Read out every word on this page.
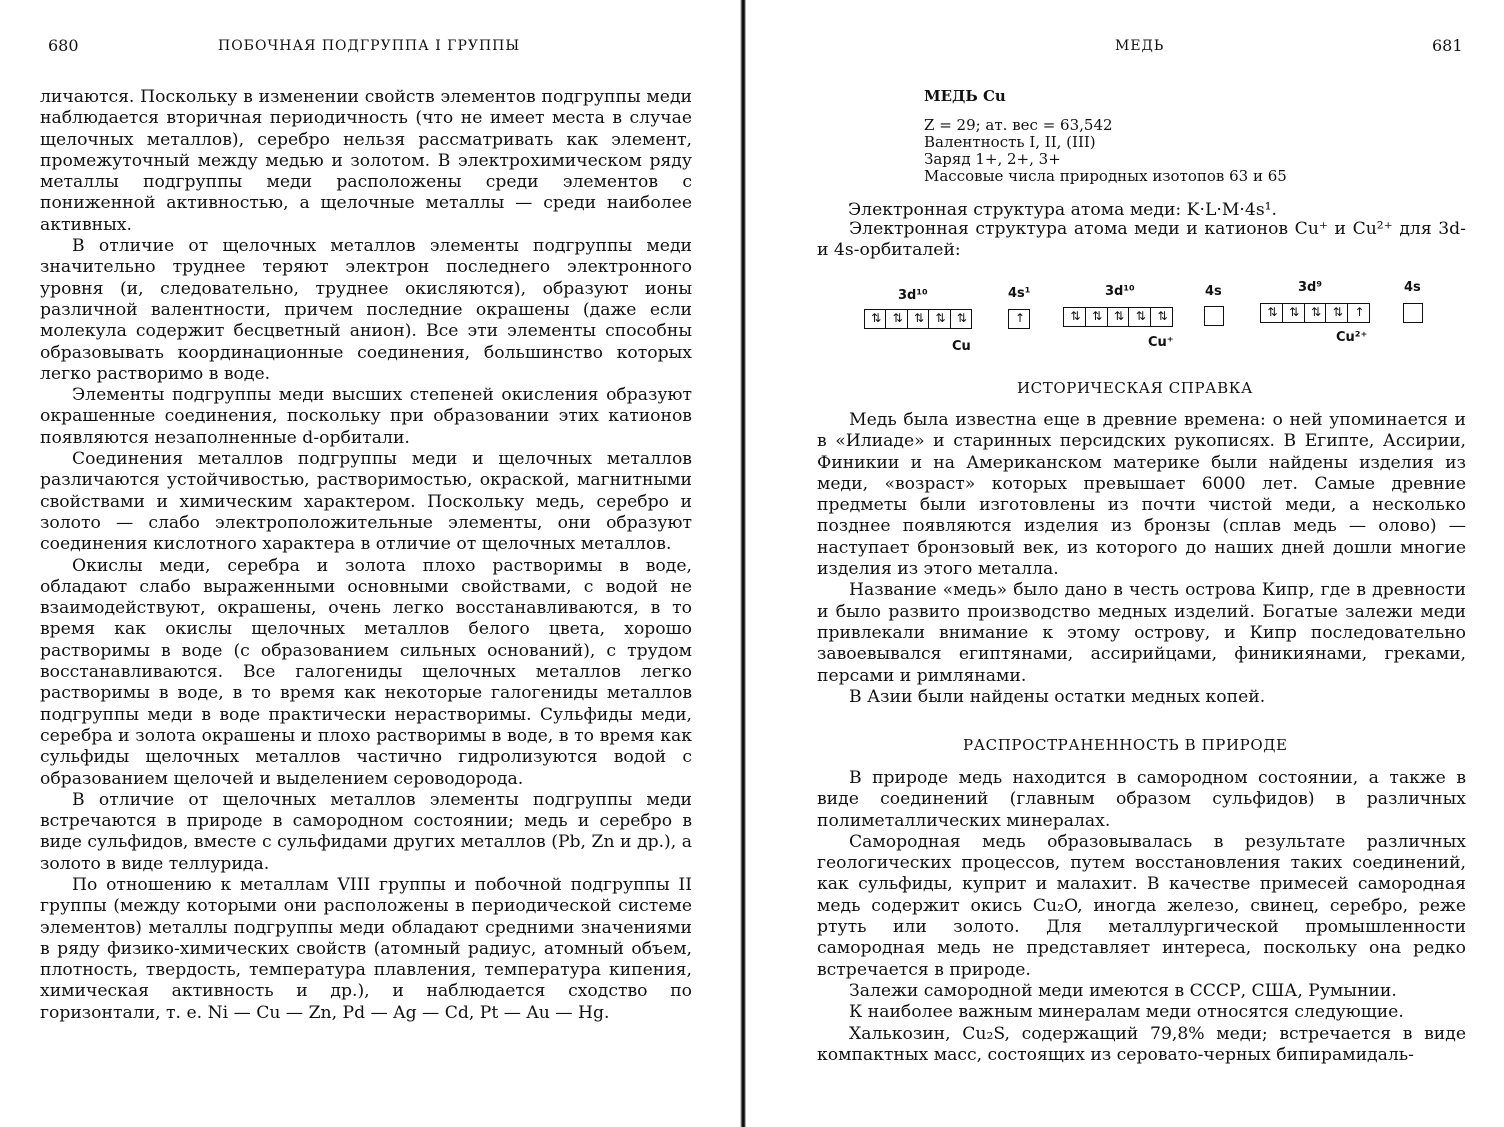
680	ПОБОЧНАЯ ПОДГРУППА I ГРУППЫ

личаются. Поскольку в изменении свойств элементов подгруппы меди наблюдается вторичная периодичность (что не имеет места в случае щелочных металлов), серебро нельзя рассматривать как элемент, промежуточный между медью и золотом. В электрохимическом ряду металлы подгруппы меди расположены среди элементов с пониженной активностью, а щелочные металлы — среди наиболее активных.

В отличие от щелочных металлов элементы подгруппы меди значительно труднее теряют электрон последнего электронного уровня (и, следовательно, труднее окисляются), образуют ионы различной валентности, причем последние окрашены (даже если молекула содержит бесцветный анион). Все эти элементы способны образовывать координационные соединения, большинство которых легко растворимо в воде.

Элементы подгруппы меди высших степеней окисления образуют окрашенные соединения, поскольку при образовании этих катионов появляются незаполненные d-орбитали.

Соединения металлов подгруппы меди и щелочных металлов различаются устойчивостью, растворимостью, окраской, магнитными свойствами и химическим характером. Поскольку медь, серебро и золото — слабо электроположительные элементы, они образуют соединения кислотного характера в отличие от щелочных металлов.

Окислы меди, серебра и золота плохо растворимы в воде, обладают слабо выраженными основными свойствами, с водой не взаимодействуют, окрашены, очень легко восстанавливаются, в то время как окислы щелочных металлов белого цвета, хорошо растворимы в воде (с образованием сильных оснований), с трудом восстанавливаются. Все галогениды щелочных металлов легко растворимы в воде, в то время как некоторые галогениды металлов подгруппы меди в воде практически нерастворимы. Сульфиды меди, серебра и золота окрашены и плохо растворимы в воде, в то время как сульфиды щелочных металлов частично гидролизуются водой с образованием щелочей и выделением сероводорода.

В отличие от щелочных металлов элементы подгруппы меди встречаются в природе в самородном состоянии; медь и серебро в виде сульфидов, вместе с сульфидами других металлов (Pb, Zn и др.), а золото в виде теллурида.

По отношению к металлам VIII группы и побочной подгруппы II группы (между которыми они расположены в периодической системе элементов) металлы подгруппы меди обладают средними значениями в ряду физико-химических свойств (атомный радиус, атомный объем, плотность, твердость, температура плавления, температура кипения, химическая активность и др.), и наблюдается сходство по горизонтали, т. е. Ni — Cu — Zn, Pd — Ag — Cd, Pt — Au — Hg.

МЕДЬ	681
МЕДЬ Cu
Z = 29; ат. вес = 63,542
Валентность I, II, (III)
Заряд 1+, 2+, 3+
Массовые числа природных изотопов 63 и 65

Электронная структура атома меди: K·L·M·4s¹.

Электронная структура атома меди и катионов Cu⁺ и Cu²⁺ для 3d- и 4s-орбиталей:

3d¹⁰	4s¹	3d¹⁰	4s	3d⁹	4s
⇅	⇅	⇅	⇅	⇅	↑	⇅	⇅	⇅	⇅	⇅	⇅	⇅	⇅	⇅	↑
Cu	Cu⁺	Cu²⁺
ИСТОРИЧЕСКАЯ СПРАВКА

Медь была известна еще в древние времена: о ней упоминается и в «Илиаде» и старинных персидских рукописях. В Египте, Ассирии, Финикии и на Американском материке были найдены изделия из меди, «возраст» которых превышает 6000 лет. Самые древние предметы были изготовлены из почти чистой меди, а несколько позднее появляются изделия из бронзы (сплав медь — олово) — наступает бронзовый век, из которого до наших дней дошли многие изделия из этого металла.

Название «медь» было дано в честь острова Кипр, где в древности и было развито производство медных изделий. Богатые залежи меди привлекали внимание к этому острову, и Кипр последовательно завоевывался египтянами, ассирийцами, финикиянами, греками, персами и римлянами.

В Азии были найдены остатки медных копей.

РАСПРОСТРАНЕННОСТЬ В ПРИРОДЕ

В природе медь находится в самородном состоянии, а также в виде соединений (главным образом сульфидов) в различных полиметаллических минералах.

Самородная медь образовывалась в результате различных геологических процессов, путем восстановления таких соединений, как сульфиды, куприт и малахит. В качестве примесей самородная медь содержит окись Cu₂O, иногда железо, свинец, серебро, реже ртуть или золото. Для металлургической промышленности самородная медь не представляет интереса, поскольку она редко встречается в природе.

Залежи самородной меди имеются в СССР, США, Румынии.

К наиболее важным минералам меди относятся следующие.

Халькозин, Cu₂S, содержащий 79,8% меди; встречается в виде компактных масс, состоящих из серовато-черных бипирамидаль-
